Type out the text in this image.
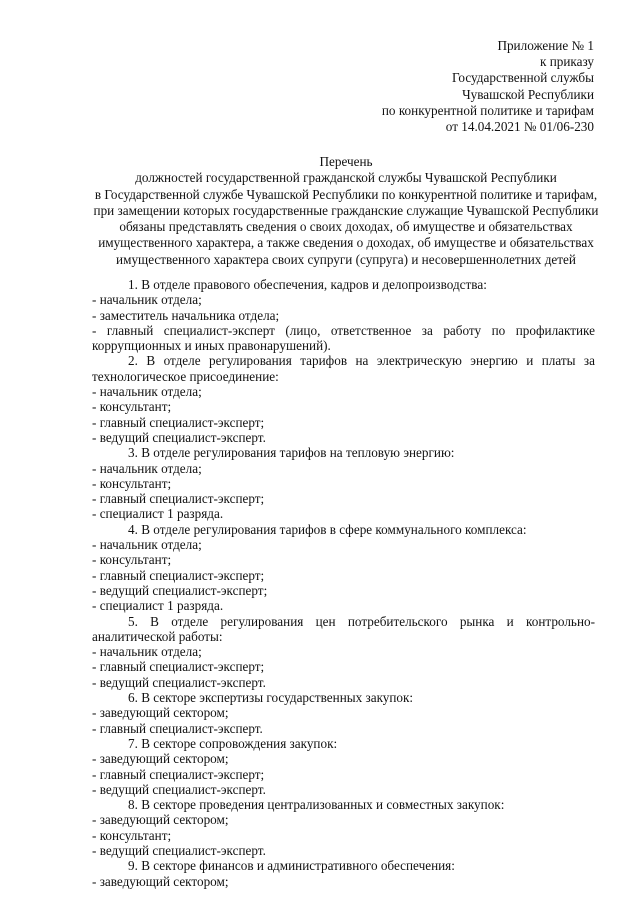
Приложение № 1
к приказу
Государственной службы
Чувашской Республики
по конкурентной политике и тарифам
от 14.04.2021 № 01/06-230
Перечень
должностей государственной гражданской службы Чувашской Республики
в Государственной службе Чувашской Республики по конкурентной политике и тарифам,
при замещении которых государственные гражданские служащие Чувашской Республики
обязаны представлять сведения о своих доходах, об имуществе и обязательствах
имущественного характера, а также сведения о доходах, об имуществе и обязательствах
имущественного характера своих супруги (супруга) и несовершеннолетних детей
1. В отделе правового обеспечения, кадров и делопроизводства:
- начальник отдела;
- заместитель начальника отдела;
- главный специалист-эксперт (лицо, ответственное за работу по профилактике коррупционных и иных правонарушений).
2. В отделе регулирования тарифов на электрическую энергию и платы за технологическое присоединение:
- начальник отдела;
- консультант;
- главный специалист-эксперт;
- ведущий специалист-эксперт.
3. В отделе регулирования тарифов на тепловую энергию:
- начальник отдела;
- консультант;
- главный специалист-эксперт;
- специалист 1 разряда.
4. В отделе регулирования тарифов в сфере коммунального комплекса:
- начальник отдела;
- консультант;
- главный специалист-эксперт;
- ведущий специалист-эксперт;
- специалист 1 разряда.
5. В отделе регулирования цен потребительского рынка и контрольно-аналитической работы:
- начальник отдела;
- главный специалист-эксперт;
- ведущий специалист-эксперт.
6. В секторе экспертизы государственных закупок:
- заведующий сектором;
- главный специалист-эксперт.
7. В секторе сопровождения закупок:
- заведующий сектором;
- главный специалист-эксперт;
- ведущий специалист-эксперт.
8. В секторе проведения централизованных и совместных закупок:
- заведующий сектором;
- консультант;
- ведущий специалист-эксперт.
9. В секторе финансов и административного обеспечения:
- заведующий сектором;
